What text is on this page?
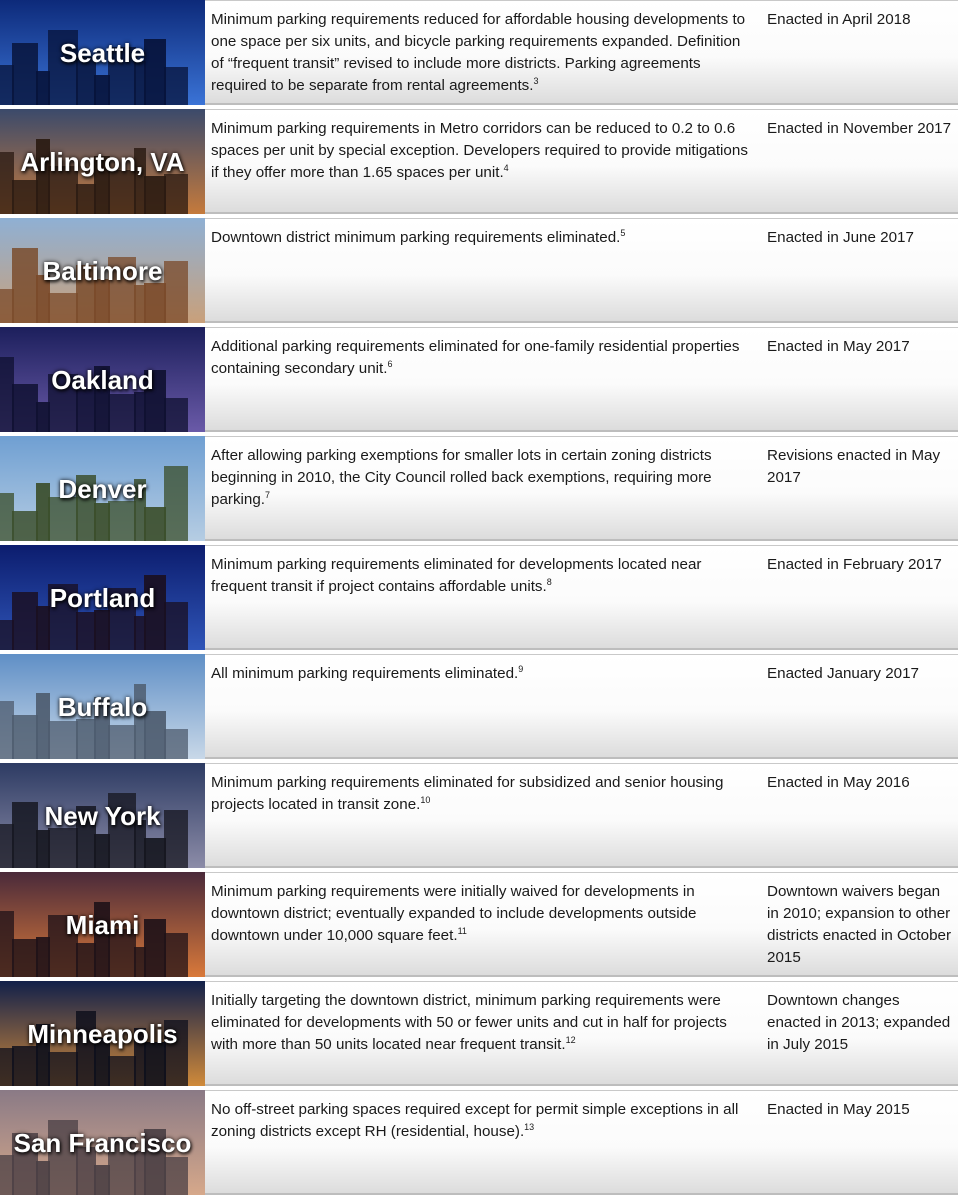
Seattle
Minimum parking requirements reduced for affordable housing developments to one space per six units, and bicycle parking requirements expanded. Definition of “frequent transit” revised to include more districts. Parking agreements required to be separate from rental agreements.$^3$
Enacted in April 2018
Arlington, VA
Minimum parking requirements in Metro corridors can be reduced to 0.2 to 0.6 spaces per unit by special exception. Developers required to provide mitigations if they offer more than 1.65 spaces per unit.$^4$
Enacted in November 2017
Baltimore
Downtown district minimum parking requirements eliminated.$^5$	Enacted in June 2017
Oakland
Additional parking requirements eliminated for one-family residential properties containing secondary unit.$^6$
Enacted in May 2017
Denver
After allowing parking exemptions for smaller lots in certain zoning districts beginning in 2010, the City Council rolled back exemptions, requiring more parking.$^7$
Revisions enacted in May 2017
Portland
Minimum parking requirements eliminated for developments located near frequent transit if project contains affordable units.$^8$
Enacted in February 2017
Buffalo
All minimum parking requirements eliminated.$^9$	Enacted January 2017
New York
Minimum parking requirements eliminated for subsidized and senior housing projects located in transit zone.$^{10}$
Enacted in May 2016
Miami
Minimum parking requirements were initially waived for developments in downtown district; eventually expanded to include developments outside downtown under 10,000 square feet.$^{11}$
Downtown waivers began in 2010; expansion to other districts enacted in October 2015
Minneapolis
Initially targeting the downtown district, minimum parking requirements were eliminated for developments with 50 or fewer units and cut in half for projects with more than 50 units located near frequent transit.$^{12}$
Downtown changes enacted in 2013; expanded in July 2015
San Francisco
No off-street parking spaces required except for permit simple exceptions in all zoning districts except RH (residential, house).$^{13}$
Enacted in May 2015
